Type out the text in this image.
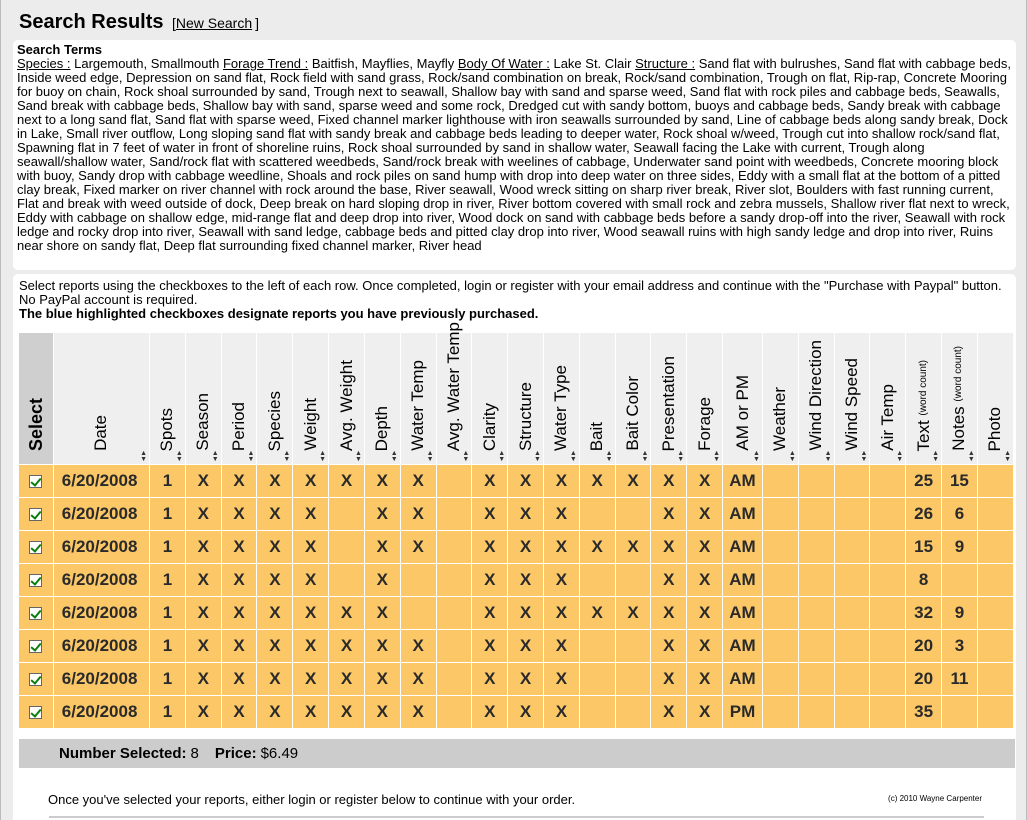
Search Results [New Search ]
Search Terms
Species : Largemouth, Smallmouth Forage Trend : Baitfish, Mayflies, Mayfly Body Of Water : Lake St. Clair Structure : Sand flat with bulrushes, Sand flat with cabbage beds, Inside weed edge, Depression on sand flat, Rock field with sand grass, Rock/sand combination on break, Rock/sand combination, Trough on flat, Rip-rap, Concrete Mooring for buoy on chain, Rock shoal surrounded by sand, Trough next to seawall, Shallow bay with sand and sparse weed, Sand flat with rock piles and cabbage beds, Seawalls, Sand break with cabbage beds, Shallow bay with sand, sparse weed and some rock, Dredged cut with sandy bottom, buoys and cabbage beds, Sandy break with cabbage next to a long sand flat, Sand flat with sparse weed, Fixed channel marker lighthouse with iron seawalls surrounded by sand, Line of cabbage beds along sandy break, Dock in Lake, Small river outflow, Long sloping sand flat with sandy break and cabbage beds leading to deeper water, Rock shoal w/weed, Trough cut into shallow rock/sand flat, Spawning flat in 7 feet of water in front of shoreline ruins, Rock shoal surrounded by sand in shallow water, Seawall facing the Lake with current, Trough along seawall/shallow water, Sand/rock flat with scattered weedbeds, Sand/rock break with weelines of cabbage, Underwater sand point with weedbeds, Concrete mooring block with buoy, Sandy drop with cabbage weedline, Shoals and rock piles on sand hump with drop into deep water on three sides, Eddy with a small flat at the bottom of a pitted clay break, Fixed marker on river channel with rock around the base, River seawall, Wood wreck sitting on sharp river break, River slot, Boulders with fast running current, Flat and break with weed outside of dock, Deep break on hard sloping drop in river, River bottom covered with small rock and zebra mussels, Shallow river flat next to wreck, Eddy with cabbage on shallow edge, mid-range flat and deep drop into river, Wood dock on sand with cabbage beds before a sandy drop-off into the river, Seawall with rock ledge and rocky drop into river, Seawall with sand ledge, cabbage beds and pitted clay drop into river, Wood seawall ruins with high sandy ledge and drop into river, Ruins near shore on sandy flat, Deep flat surrounding fixed channel marker, River head
Select reports using the checkboxes to the left of each row. Once completed, login or register with your email address and continue with the "Purchase with Paypal" button. No PayPal account is required.
The blue highlighted checkboxes designate reports you have previously purchased.
Select	Date
▲
▼	Spots
▲
▼	Season
▲
▼	Period
▲
▼	Species
▲
▼	Weight
▲
▼	Avg. Weight
▲
▼	Depth
▲
▼	Water Temp
▲
▼	Avg. Water Temp
▲
▼	Clarity
▲
▼	Structure
▲
▼	Water Type
▲
▼	Bait
▲
▼	Bait Color
▲
▼	Presentation
▲
▼	Forage
▲
▼	AM or PM
▲
▼	Weather
▲
▼	Wind Direction
▲
▼	Wind Speed
▲
▼	Air Temp
▲
▼	Text (word count)
▲
▼	Notes (word count)
▲
▼	Photo
▲
▼

	6/20/2008	1	X	X	X	X	X	X	X		X	X	X	X	X	X	X	AM					25	15	
	6/20/2008	1	X	X	X	X		X	X		X	X	X			X	X	AM					26	6	
	6/20/2008	1	X	X	X	X		X	X		X	X	X	X	X	X	X	AM					15	9	
	6/20/2008	1	X	X	X	X		X			X	X	X			X	X	AM					8		
	6/20/2008	1	X	X	X	X	X	X			X	X	X	X	X	X	X	AM					32	9	
	6/20/2008	1	X	X	X	X	X	X	X		X	X	X			X	X	AM					20	3	
	6/20/2008	1	X	X	X	X	X	X	X		X	X	X			X	X	AM					20	11	
	6/20/2008	1	X	X	X	X	X	X	X		X	X	X			X	X	PM					35		
Number Selected: 8 Price: $6.49
Once you've selected your reports, either login or register below to continue with your order.	(c) 2010 Wayne Carpenter
